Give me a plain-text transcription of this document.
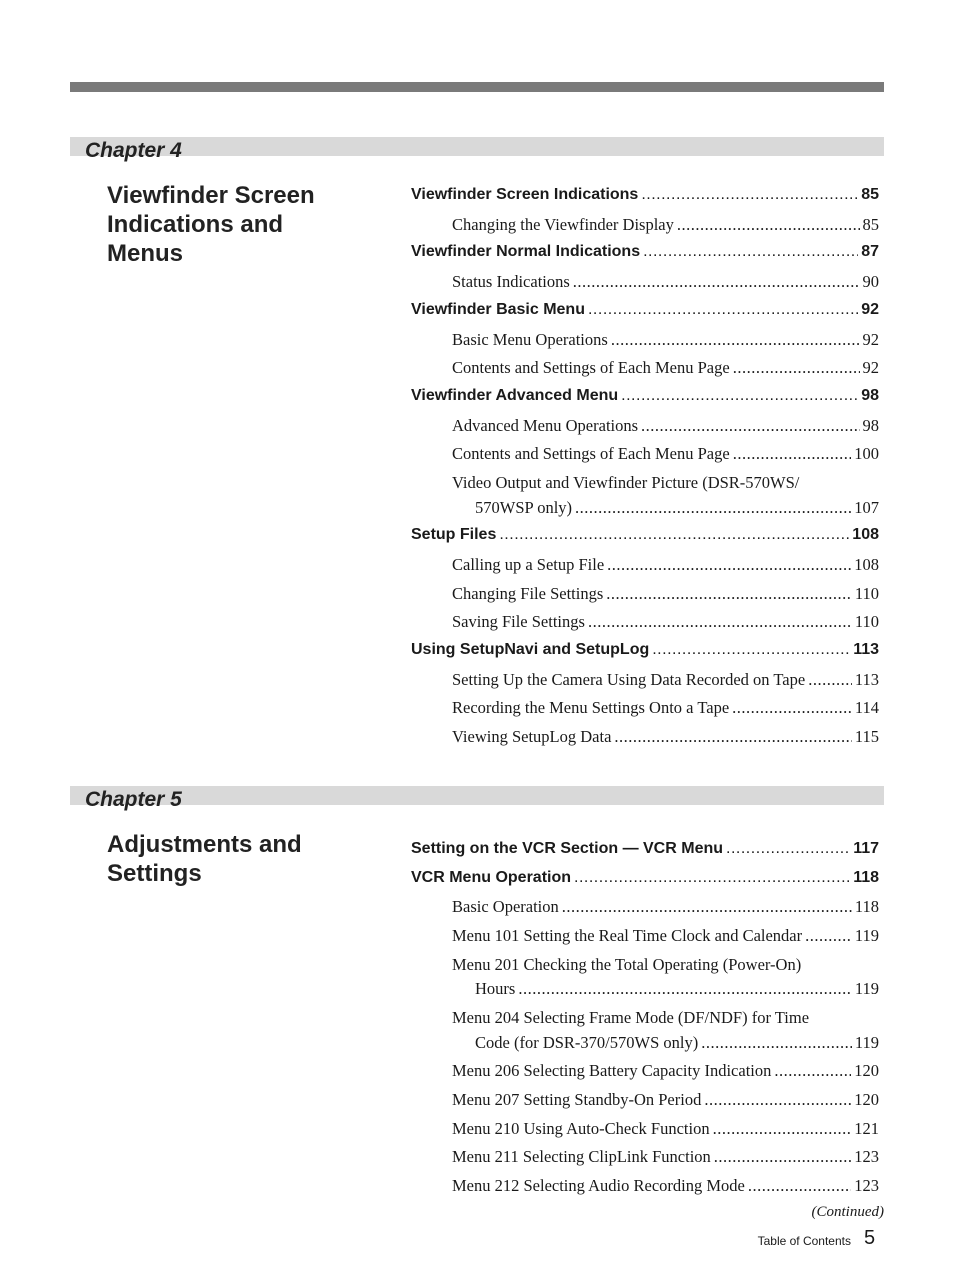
Chapter 4
Viewfinder Screen
Indications and
Menus
Viewfinder Screen Indications .....	85
Changing the Viewfinder Display .....	85
Viewfinder Normal Indications .....	87
Status Indications .....	90
Viewfinder Basic Menu .....	92
Basic Menu Operations .....	92
Contents and Settings of Each Menu Page .....	92
Viewfinder Advanced Menu .....	98
Advanced Menu Operations .....	98
Contents and Settings of Each Menu Page .....	100
Video Output and Viewfinder Picture (DSR-570WS/
570WSP only) .....	107
Setup Files .....	108
Calling up a Setup File .....	108
Changing File Settings .....	110
Saving File Settings .....	110
Using SetupNavi and SetupLog .....	113
Setting Up the Camera Using Data Recorded on Tape .....	113
Recording the Menu Settings Onto a Tape .....	114
Viewing SetupLog Data .....	115
Chapter 5
Adjustments and
Settings
Setting on the VCR Section — VCR Menu .....	117
VCR Menu Operation .....	118
Basic Operation .....	118
Menu 101 Setting the Real Time Clock and Calendar .....	119
Menu 201 Checking the Total Operating (Power-On)
Hours .....	119
Menu 204 Selecting Frame Mode (DF/NDF) for Time
Code (for DSR-370/570WS only) .....	119
Menu 206 Selecting Battery Capacity Indication .....	120
Menu 207 Setting Standby-On Period .....	120
Menu 210 Using Auto-Check Function .....	121
Menu 211 Selecting ClipLink Function .....	123
Menu 212 Selecting Audio Recording Mode .....	123
(Continued)
Table of Contents 5
